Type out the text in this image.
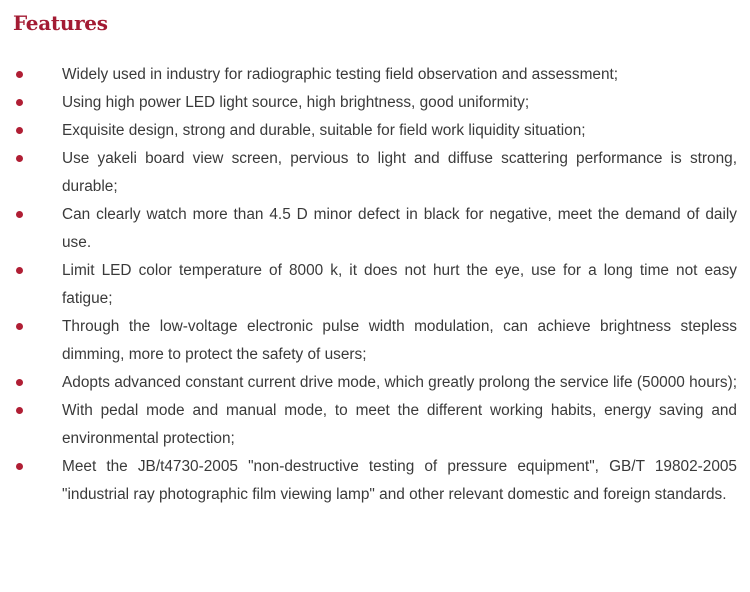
Features
Widely used in industry for radiographic testing field observation and assessment;
Using high power LED light source, high brightness, good uniformity;
Exquisite design, strong and durable, suitable for field work liquidity situation;
Use yakeli board view screen, pervious to light and diffuse scattering performance is strong, durable;
Can clearly watch more than 4.5 D minor defect in black for negative, meet the demand of daily use.
Limit LED color temperature of 8000 k, it does not hurt the eye, use for a long time not easy fatigue;
Through the low-voltage electronic pulse width modulation, can achieve brightness stepless dimming, more to protect the safety of users;
Adopts advanced constant current drive mode, which greatly prolong the service life (50000 hours);
With pedal mode and manual mode, to meet the different working habits, energy saving and environmental protection;
Meet the JB/t4730-2005 "non-destructive testing of pressure equipment", GB/T 19802-2005 "industrial ray photographic film viewing lamp" and other relevant domestic and foreign standards.
